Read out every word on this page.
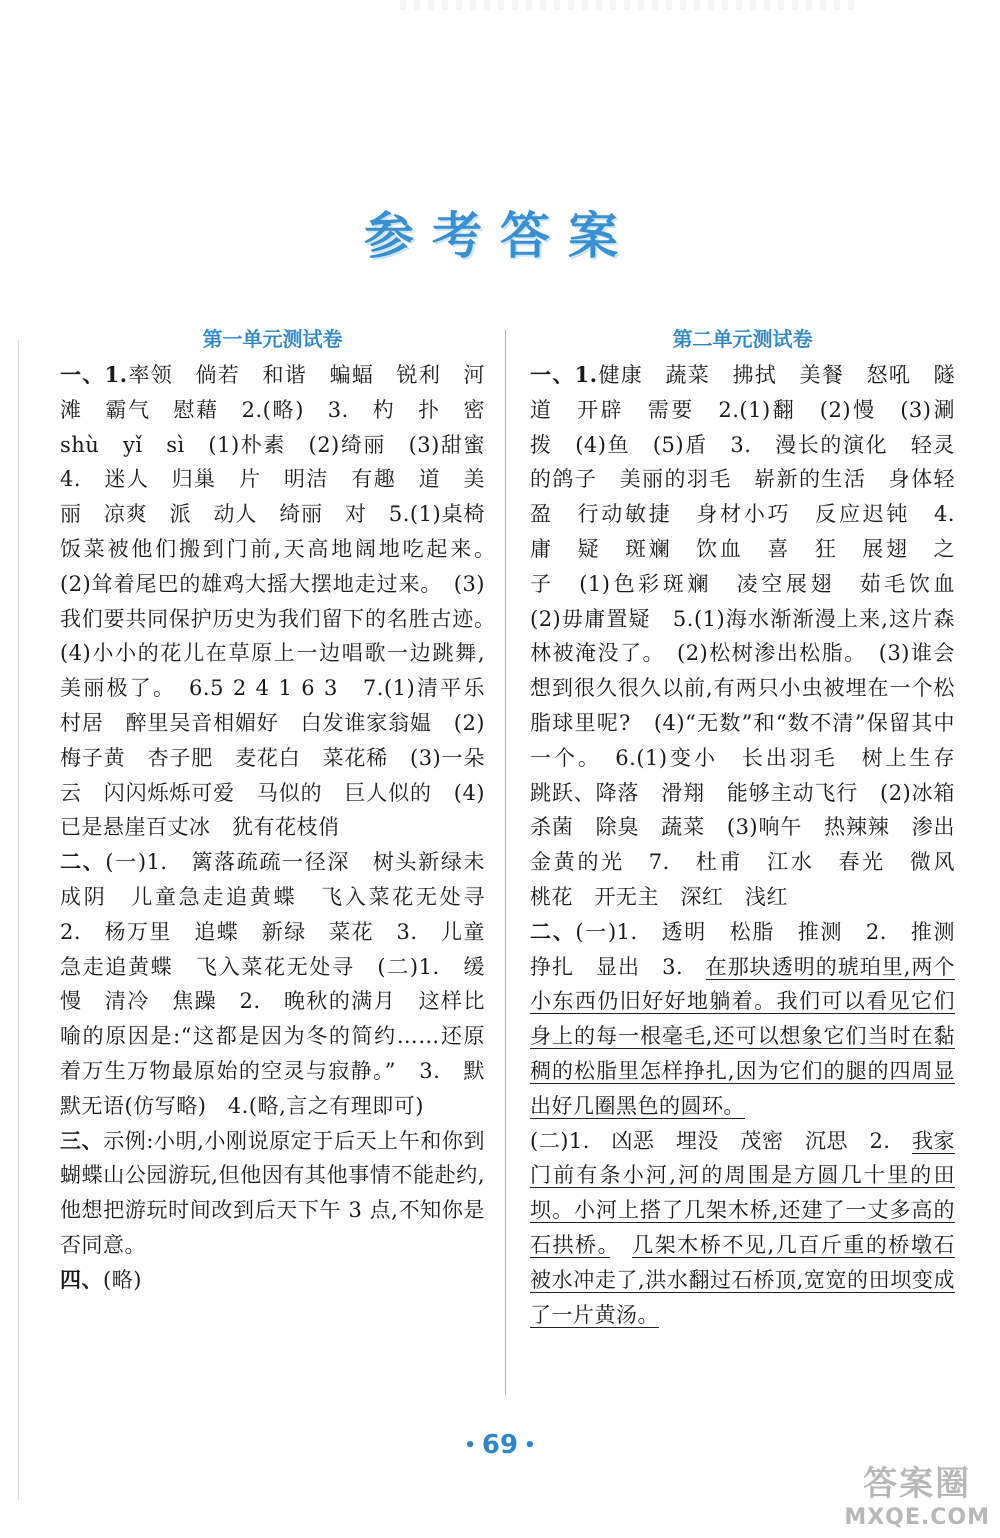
参考答案
第一单元测试卷
一、1.率领　倘若　和谐　蝙蝠　锐利　河滩　霸气　慰藉　2.(略)　3.　杓　扑　密　shù　yǐ　sì　(1)朴素　(2)绮丽　(3)甜蜜　4.　迷人　归巢　片　明洁　有趣　道　美丽　凉爽　派　动人　绮丽　对　5.(1)桌椅饭菜被他们搬到门前,天高地阔地吃起来。　(2)耸着尾巴的雄鸡大摇大摆地走过来。　(3)我们要共同保护历史为我们留下的名胜古迹。　(4)小小的花儿在草原上一边唱歌一边跳舞,美丽极了。　6.5 2 4 1 6 3　7.(1)清平乐　村居　醉里吴音相媚好　白发谁家翁媪　(2)梅子黄　杏子肥　麦花白　菜花稀　(3)一朵云　闪闪烁烁可爱　马似的　巨人似的　(4)已是悬崖百丈冰　犹有花枝俏
二、(一)1.　篱落疏疏一径深　树头新绿未成阴　儿童急走追黄蝶　飞入菜花无处寻　2.　杨万里　追蝶　新绿　菜花　3.　儿童急走追黄蝶　飞入菜花无处寻　(二)1.　缓慢　清冷　焦躁　2.　晚秋的满月　这样比喻的原因是:“这都是因为冬的简约……还原着万生万物最原始的空灵与寂静。”　3.　默默无语(仿写略)　4.(略,言之有理即可)
三、示例:小明,小刚说原定于后天上午和你到蝴蝶山公园游玩,但他因有其他事情不能赴约,他想把游玩时间改到后天下午 3 点,不知你是否同意。
四、(略)
第二单元测试卷
一、1.健康　蔬菜　拂拭　美餐　怒吼　隧道　开辟　需要　2.(1)翻　(2)慢　(3)涮　拨　(4)鱼　(5)盾　3.　漫长的演化　轻灵的鸽子　美丽的羽毛　崭新的生活　身体轻盈　行动敏捷　身材小巧　反应迟钝　4.　庸　疑　斑斓　饮血　喜　狂　展翅　之　子　(1)色彩斑斓　凌空展翅　茹毛饮血　(2)毋庸置疑　5.(1)海水渐渐漫上来,这片森林被淹没了。　(2)松树渗出松脂。　(3)谁会想到很久很久以前,有两只小虫被埋在一个松脂球里呢?　(4)“无数”和“数不清”保留其中一个。　6.(1)变小　长出羽毛　树上生存　跳跃、降落　滑翔　能够主动飞行　(2)冰箱　杀菌　除臭　蔬菜　(3)响午　热辣辣　渗出　金黄的光　7.　杜甫　江水　春光　微风　桃花　开无主　深红　浅红
二、(一)1.　透明　松脂　推测　2.　推测　挣扎　显出　3.　在那块透明的琥珀里,两个小东西仍旧好好地躺着。我们可以看见它们身上的每一根毫毛,还可以想象它们当时在黏稠的松脂里怎样挣扎,因为它们的腿的四周显出好几圈黑色的圆环。
(二)1.　凶恶　埋没　茂密　沉思　2.　我家门前有条小河,河的周围是方圆几十里的田坝。小河上搭了几架木桥,还建了一丈多高的石拱桥。　 几架木桥不见,几百斤重的桥墩石被水冲走了,洪水翻过石桥顶,宽宽的田坝变成了一片黄汤。
• 69 •
答案圈
MXQE.COM
